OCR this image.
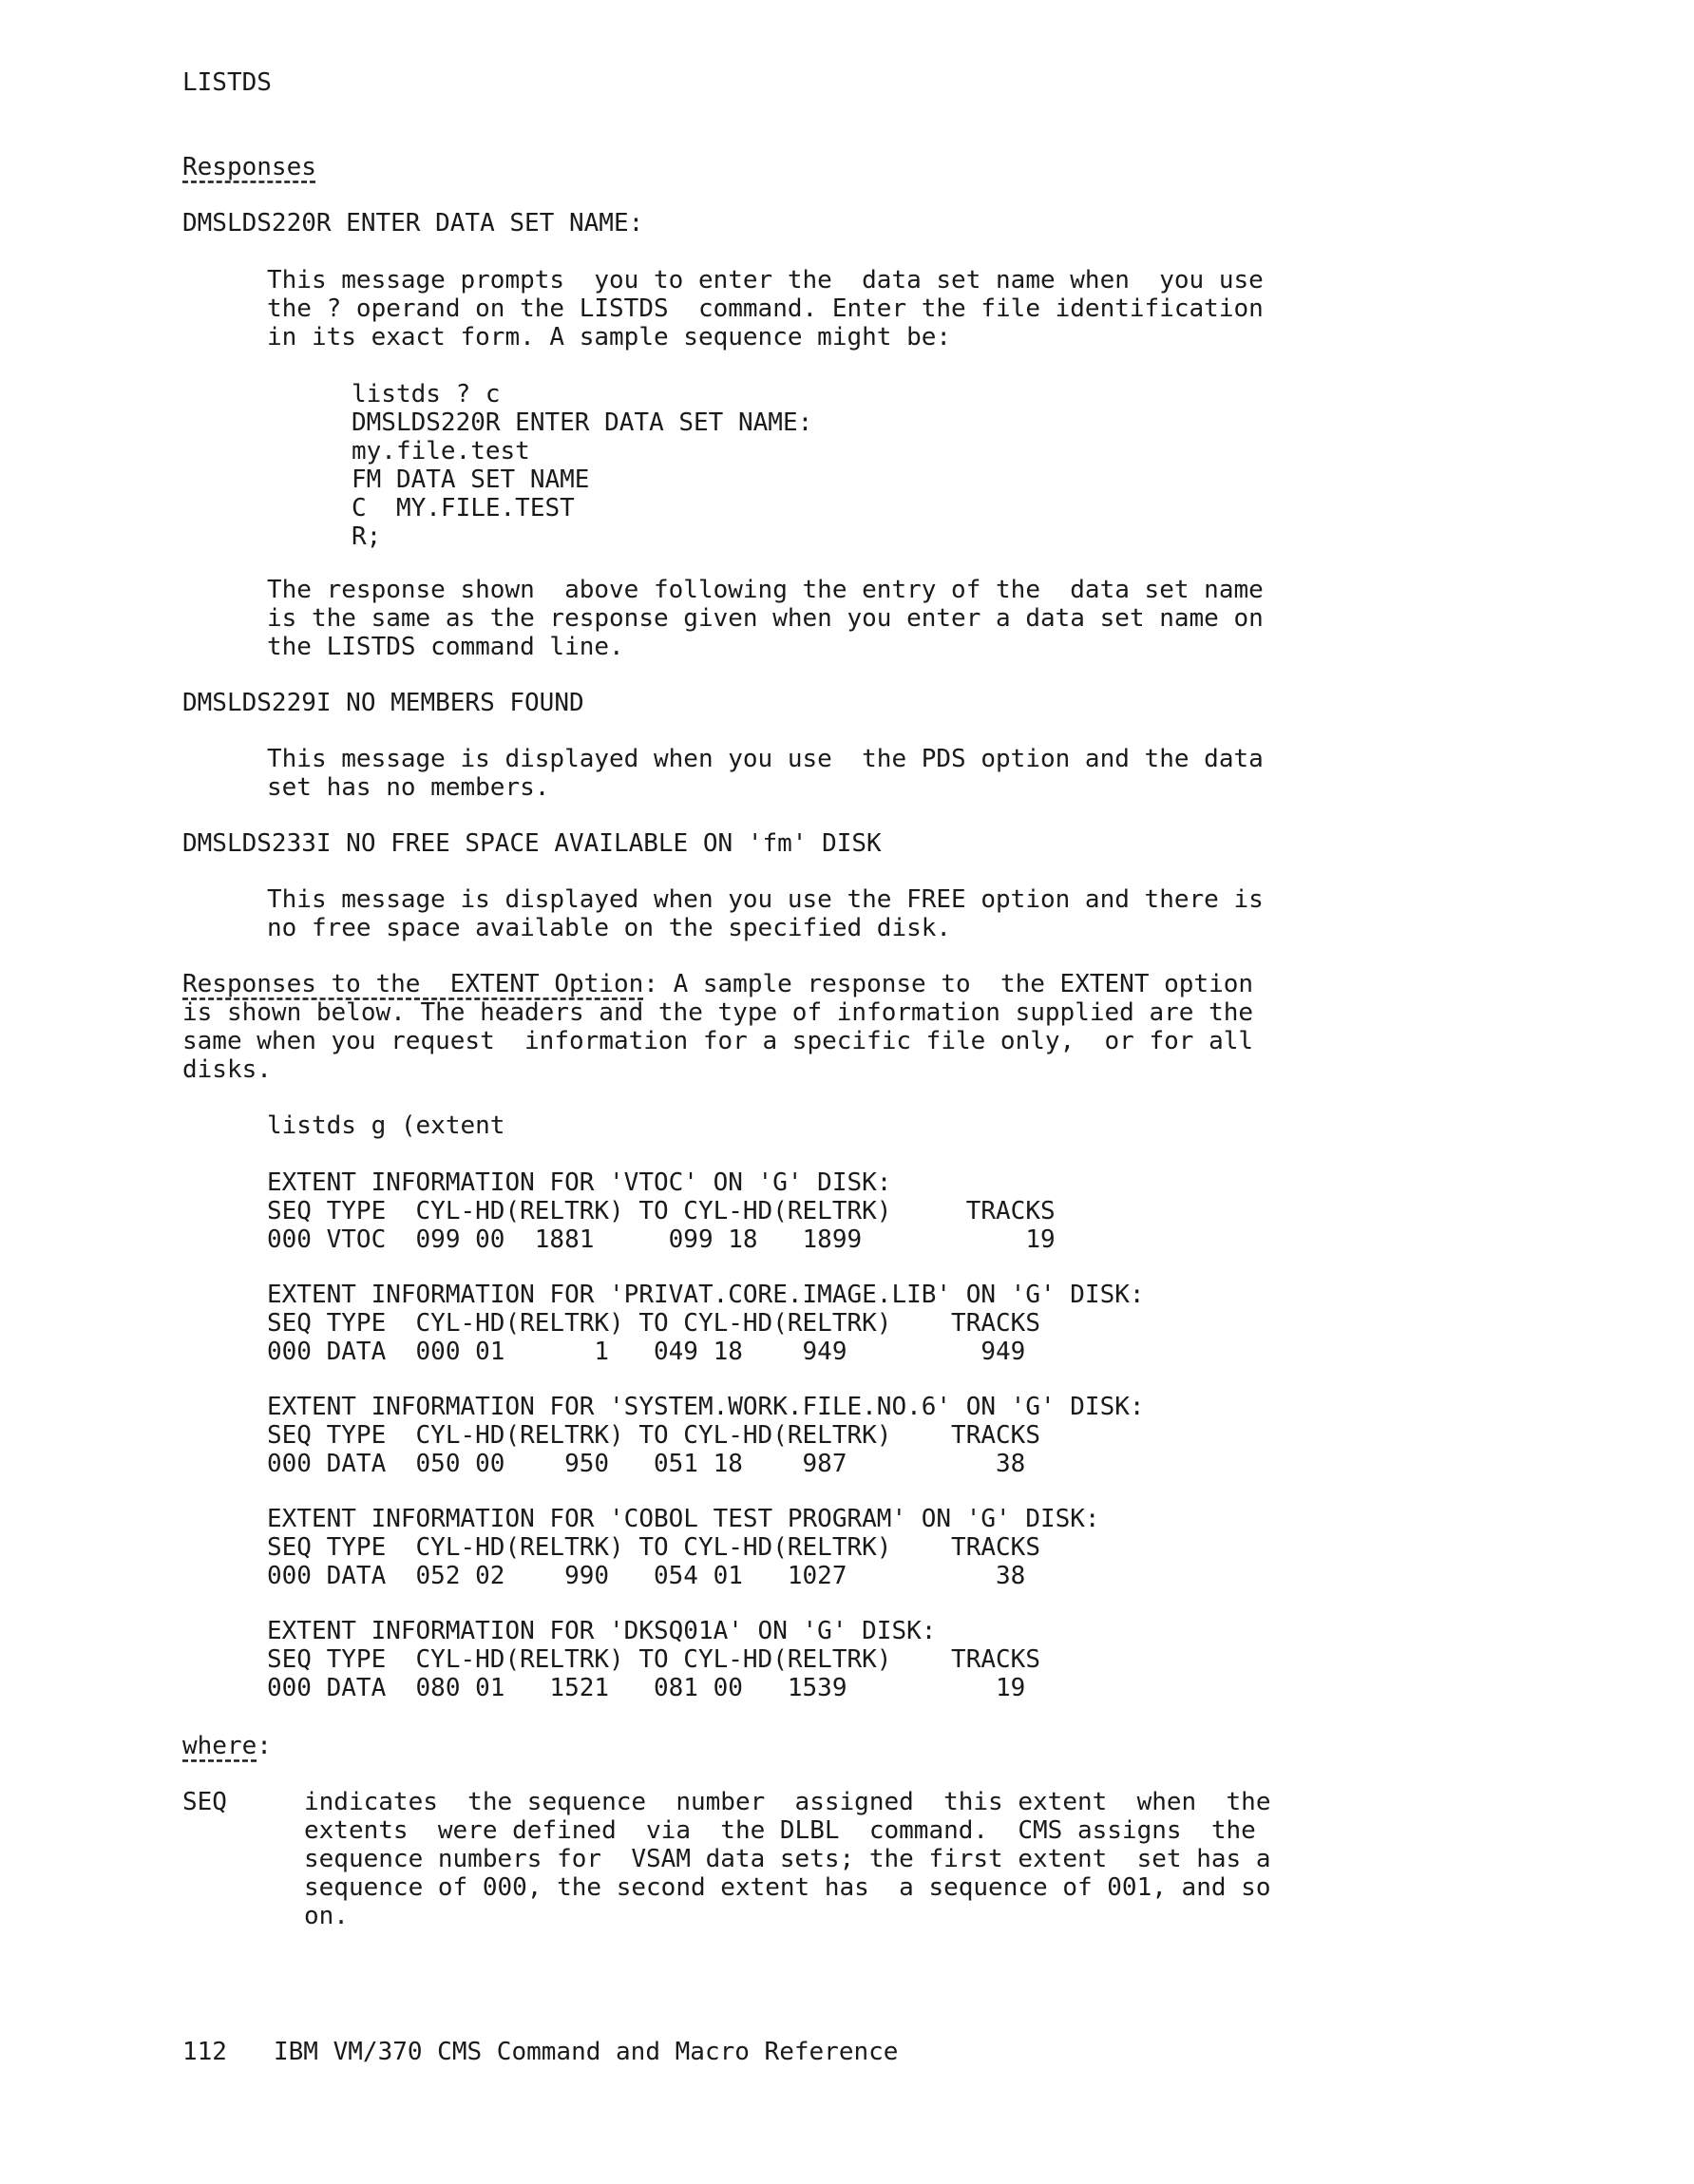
LISTDS
Responses
DMSLDS220R ENTER DATA SET NAME:
This message prompts  you to enter the  data set name when  you use
the ? operand on the LISTDS  command. Enter the file identification
in its exact form. A sample sequence might be:
listds ? c
DMSLDS220R ENTER DATA SET NAME:
my.file.test
FM DATA SET NAME
C  MY.FILE.TEST
R;
The response shown  above following the entry of the  data set name
is the same as the response given when you enter a data set name on
the LISTDS command line.
DMSLDS229I NO MEMBERS FOUND
This message is displayed when you use  the PDS option and the data
set has no members.
DMSLDS233I NO FREE SPACE AVAILABLE ON 'fm' DISK
This message is displayed when you use the FREE option and there is
no free space available on the specified disk.
Responses to the  EXTENT Option: A sample response to  the EXTENT option
is shown below. The headers and the type of information supplied are the
same when you request  information for a specific file only,  or for all
disks.
listds g (extent
EXTENT INFORMATION FOR 'VTOC' ON 'G' DISK:
SEQ TYPE  CYL-HD(RELTRK) TO CYL-HD(RELTRK)     TRACKS
000 VTOC  099 00  1881     099 18   1899           19
EXTENT INFORMATION FOR 'PRIVAT.CORE.IMAGE.LIB' ON 'G' DISK:
SEQ TYPE  CYL-HD(RELTRK) TO CYL-HD(RELTRK)    TRACKS
000 DATA  000 01      1   049 18    949         949
EXTENT INFORMATION FOR 'SYSTEM.WORK.FILE.NO.6' ON 'G' DISK:
SEQ TYPE  CYL-HD(RELTRK) TO CYL-HD(RELTRK)    TRACKS
000 DATA  050 00    950   051 18    987          38
EXTENT INFORMATION FOR 'COBOL TEST PROGRAM' ON 'G' DISK:
SEQ TYPE  CYL-HD(RELTRK) TO CYL-HD(RELTRK)    TRACKS
000 DATA  052 02    990   054 01   1027          38
EXTENT INFORMATION FOR 'DKSQ01A' ON 'G' DISK:
SEQ TYPE  CYL-HD(RELTRK) TO CYL-HD(RELTRK)    TRACKS
000 DATA  080 01   1521   081 00   1539          19
where:
SEQ	indicates  the sequence  number  assigned  this extent  when  the
extents  were defined  via  the DLBL  command.  CMS assigns  the
sequence numbers for  VSAM data sets; the first extent  set has a
sequence of 000, the second extent has  a sequence of 001, and so
on.
112 IBM VM/370 CMS Command and Macro Reference
